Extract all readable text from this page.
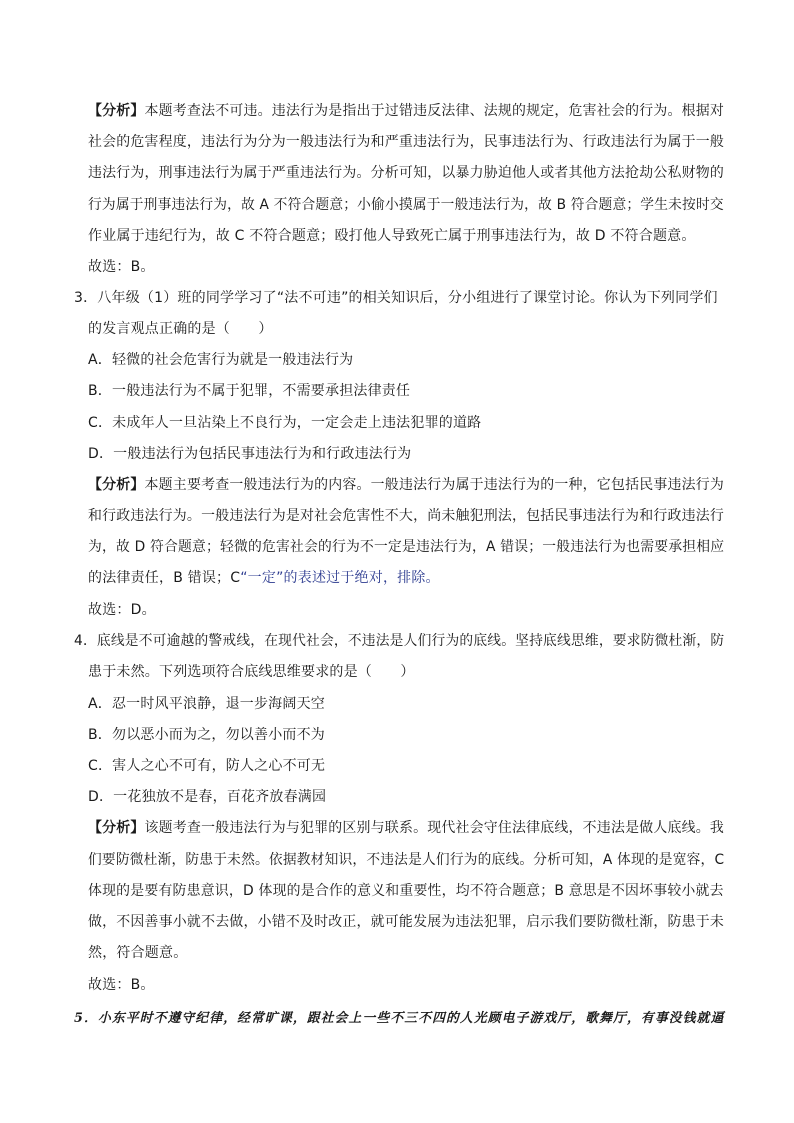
【分析】本题考查法不可违。违法行为是指出于过错违反法律、法规的规定，危害社会的行为。根据对
社会的危害程度，违法行为分为一般违法行为和严重违法行为，民事违法行为、行政违法行为属于一般
违法行为，刑事违法行为属于严重违法行为。分析可知，以暴力胁迫他人或者其他方法抢劫公私财物的
行为属于刑事违法行为，故 A 不符合题意；小偷小摸属于一般违法行为，故 B 符合题意；学生未按时交
作业属于违纪行为，故 C 不符合题意；殴打他人导致死亡属于刑事违法行为，故 D 不符合题意。
故选：B。
3．八年级（1）班的同学学习了“法不可违”的相关知识后，分小组进行了课堂讨论。你认为下列同学们
的发言观点正确的是（　　）
A．轻微的社会危害行为就是一般违法行为
B．一般违法行为不属于犯罪，不需要承担法律责任
C．未成年人一旦沾染上不良行为，一定会走上违法犯罪的道路
D．一般违法行为包括民事违法行为和行政违法行为
【分析】本题主要考查一般违法行为的内容。一般违法行为属于违法行为的一种，它包括民事违法行为
和行政违法行为。一般违法行为是对社会危害性不大，尚未触犯刑法，包括民事违法行为和行政违法行
为，故 D 符合题意；轻微的危害社会的行为不一定是违法行为，A 错误；一般违法行为也需要承担相应
的法律责任，B 错误；C“一定”的表述过于绝对，排除。
故选：D。
4．底线是不可逾越的警戒线，在现代社会，不违法是人们行为的底线。坚持底线思维，要求防微杜渐，防
患于未然。下列选项符合底线思维要求的是（　　）
A．忍一时风平浪静，退一步海阔天空
B．勿以恶小而为之，勿以善小而不为
C．害人之心不可有，防人之心不可无
D．一花独放不是春，百花齐放春满园
【分析】该题考查一般违法行为与犯罪的区别与联系。现代社会守住法律底线，不违法是做人底线。我
们要防微杜渐，防患于未然。依据教材知识，不违法是人们行为的底线。分析可知，A 体现的是宽容，C
体现的是要有防患意识，D 体现的是合作的意义和重要性，均不符合题意；B 意思是不因坏事较小就去
做，不因善事小就不去做，小错不及时改正，就可能发展为违法犯罪，启示我们要防微杜渐，防患于未
然，符合题意。
故选：B。
5．小东平时不遵守纪律，经常旷课，跟社会上一些不三不四的人光顾电子游戏厅，歌舞厅，有事没钱就逼
